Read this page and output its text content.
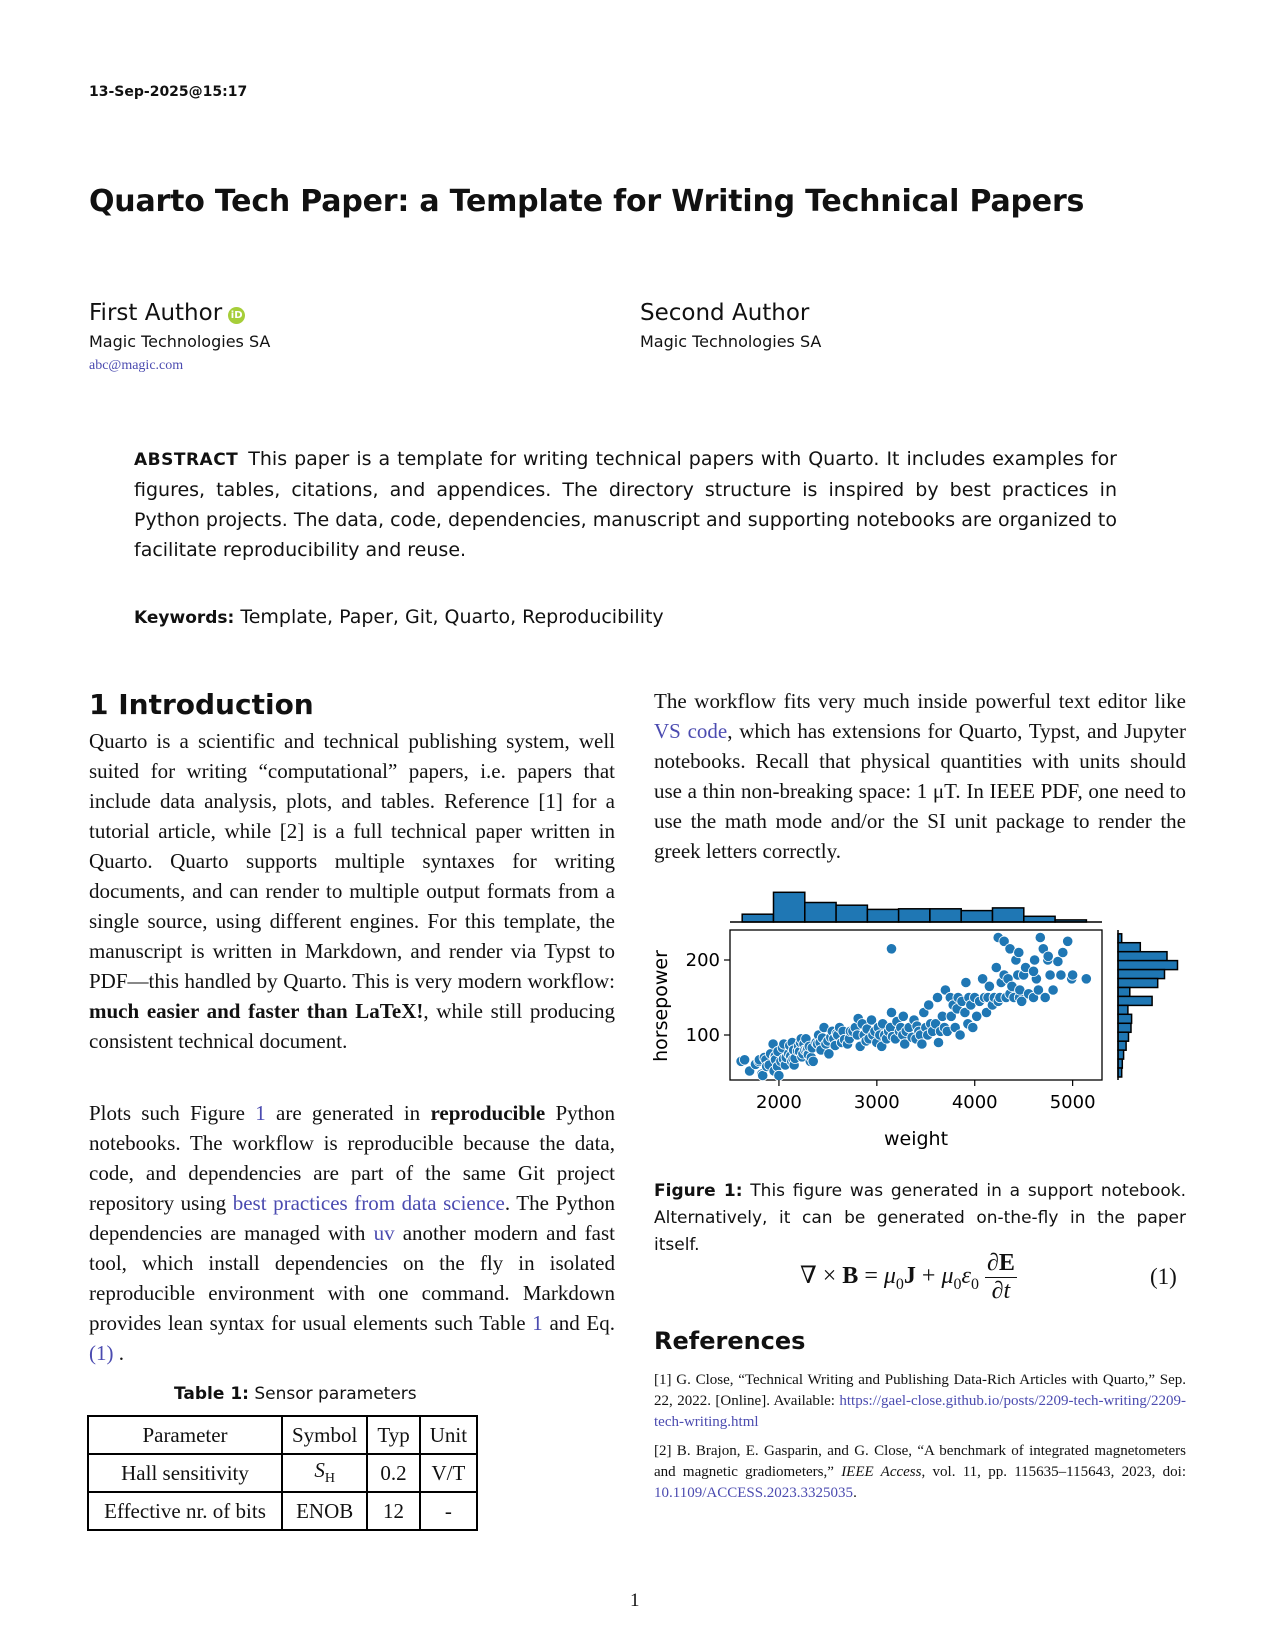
13-Sep-2025@15:17
Quarto Tech Paper: a Template for Writing Technical Papers
First Author iD
Magic Technologies SA
abc@magic.com
Second Author
Magic Technologies SA
ABSTRACT This paper is a template for writing technical papers with Quarto. It includes examples for figures, tables, citations, and appendices. The directory structure is inspired by best practices in Python projects. The data, code, dependencies, manuscript and supporting notebooks are organized to facilitate reproducibility and reuse.
Keywords: Template, Paper, Git, Quarto, Reproducibility
1 Introduction
Quarto is a scientific and technical publishing system, well suited for writing “computational” papers, i.e. papers that include data analysis, plots, and tables. Reference [1] for a tutorial article, while [2] is a full technical paper written in Quarto. Quarto supports multiple syntaxes for writing documents, and can render to multiple output formats from a single source, using different engines. For this template, the manuscript is written in Markdown, and render via Typst to PDF—this handled by Quarto. This is very modern workflow: much easier and faster than LaTeX!, while still producing consistent technical document.
Plots such Figure 1 are generated in reproducible Python notebooks. The workflow is reproducible because the data, code, and dependencies are part of the same Git project repository using best practices from data science. The Python dependencies are managed with uv another modern and fast tool, which install dependencies on the fly in isolated reproducible environment with one command. Markdown provides lean syntax for usual elements such Table 1 and Eq. (1) .
Table 1: Sensor parameters
Parameter	Symbol	Typ	Unit
Hall sensitivity	$S_H$	0.2	V/T
Effective nr. of bits	ENOB	12	-
The workflow fits very much inside powerful text editor like VS code, which has extensions for Quarto, Typst, and Jupyter notebooks. Recall that physical quantities with units should use a thin non-breaking space: 1 μT. In IEEE PDF, one need to use the math mode and/or the SI unit package to render the greek letters correctly.
2000	3000	4000	5000
100
200
weight
horsepower
Figure 1: This figure was generated in a support notebook. Alternatively, it can be generated on-the-fly in the paper itself.
∇ × $B = \mu_0J + \mu_0\varepsilon_0 \frac{\partial E}{\partial t}$	(1)
References

[1] G. Close, “Technical Writing and Publishing Data-Rich Articles with Quarto,” Sep. 22, 2022. [Online]. Available: https://gael-close.github.io/posts/2209-tech-writing/2209-tech-writing.html

[2] B. Brajon, E. Gasparin, and G. Close, “A benchmark of integrated magnetometers and magnetic gradiometers,” IEEE Access, vol. 11, pp. 115635–115643, 2023, doi: 10.1109/ACCESS.2023.3325035.

1
